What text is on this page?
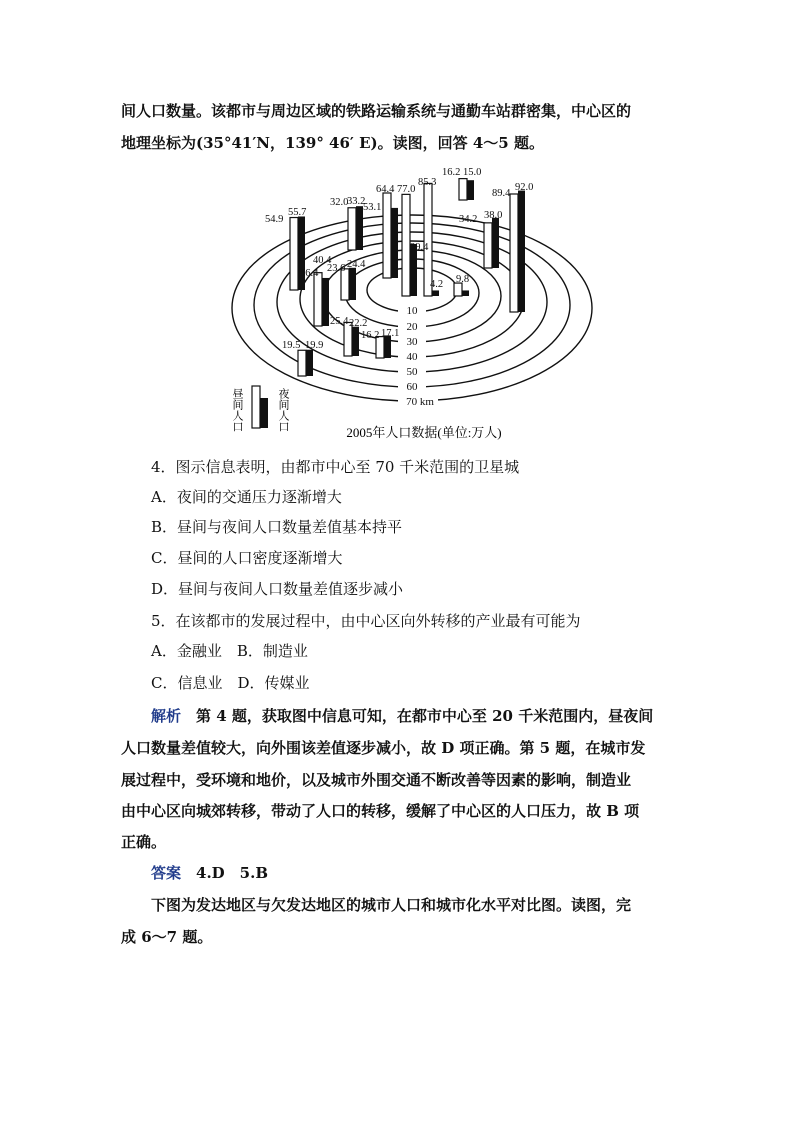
间人口数量。该都市与周边区域的铁路运输系统与通勤车站群密集，中心区的
地理坐标为(35°41′N，139° 46′ E)。读图，回答 4～5 题。
10
20
30
40
50
60
70 km
54.9
55.7
32.0
33.2
64.4 77.0
85.3
16.2 15.0
89.4
92.0
53.1
38.0
34.2
40.4
36.4 23.6 24.4
39.4
4.2 9.8
25.4 22.2
16.2 17.1
19.5 19.9
昼间人口	夜间人口
2005年人口数据(单位:万人)
4．图示信息表明，由都市中心至 70 千米范围的卫星城
A．夜间的交通压力逐渐增大
B．昼间与夜间人口数量差值基本持平
C．昼间的人口密度逐渐增大
D．昼间与夜间人口数量差值逐步减小
5．在该都市的发展过程中，由中心区向外转移的产业最有可能为
A．金融业　B．制造业
C．信息业　D．传媒业
解析　第 4 题，获取图中信息可知，在都市中心至 20 千米范围内，昼夜间
人口数量差值较大，向外围该差值逐步减小，故 D 项正确。第 5 题，在城市发
展过程中，受环境和地价，以及城市外围交通不断改善等因素的影响，制造业
由中心区向城郊转移，带动了人口的转移，缓解了中心区的人口压力，故 B 项
正确。
答案　4.D　5.B
下图为发达地区与欠发达地区的城市人口和城市化水平对比图。读图，完
成 6～7 题。
